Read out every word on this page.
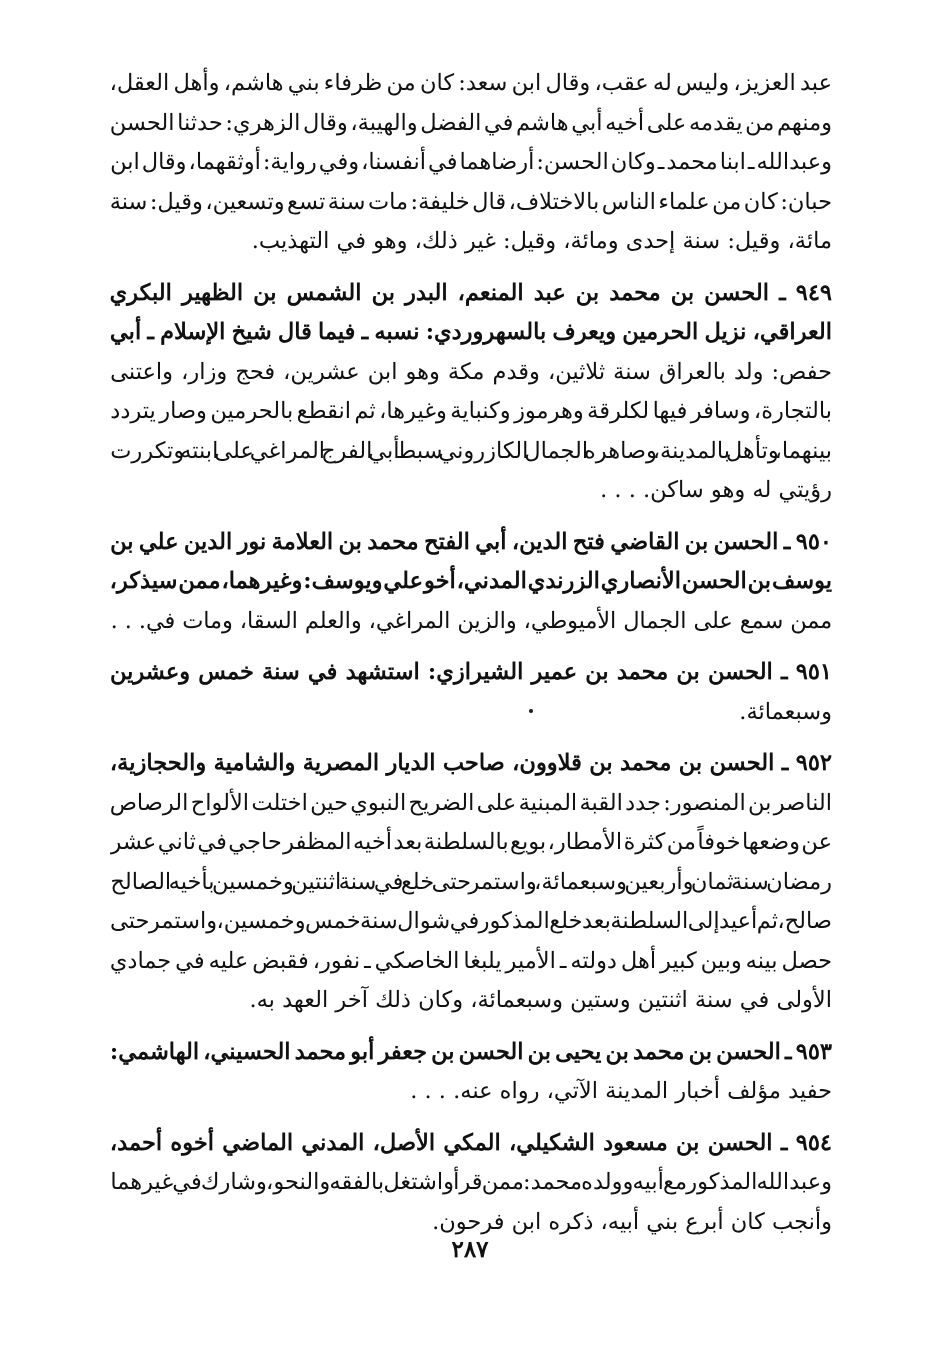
عبد العزيز، وليس له عقب، وقال ابن سعد: كان من ظرفاء بني هاشم، وأهل العقل،
ومنهم من يقدمه على أخيه أبي هاشم في الفضل والهيبة، وقال الزهري: حدثنا الحسن
وعبدالله ـ ابنا محمد ـ وكان الحسن: أرضاهما في أنفسنا، وفي رواية: أوثقهما، وقال ابن
حبان: كان من علماء الناس بالاختلاف، قال خليفة: مات سنة تسع وتسعين، وقيل: سنة
مائة، وقيل: سنة إحدى ومائة، وقيل: غير ذلك، وهو في التهذيب.
٩٤٩ ـ الحسن بن محمد بن عبد المنعم، البدر بن الشمس بن الظهير البكري
العراقي، نزيل الحرمين ويعرف بالسهروردي: نسبه ـ فيما قال شيخ الإسلام ـ أبي
حفص: ولد بالعراق سنة ثلاثين، وقدم مكة وهو ابن عشرين، فحج وزار، واعتنى
بالتجارة، وسافر فيها لكلرقة وهرموز وكنباية وغيرها، ثم انقطع بالحرمين وصار يتردد
بينهما، وتأهل بالمدينة، وصاهره الجمال الكازروني سبط أبي الفرج المراغي على ابنته وتكررت
رؤيتي له وهو ساكن. . . .
٩٥٠ ـ الحسن بن القاضي فتح الدين، أبي الفتح محمد بن العلامة نور الدين علي بن
يوسف بن الحسن الأنصاري الزرندي المدني، أخو علي ويوسف: وغيرهما، ممن سيذكر،
ممن سمع على الجمال الأميوطي، والزين المراغي، والعلم السقا، ومات في. . .
٩٥١ ـ الحسن بن محمد بن عمير الشيرازي: استشهد في سنة خمس وعشرين
وسبعمائة.
٩٥٢ ـ الحسن بن محمد بن قلاوون، صاحب الديار المصرية والشامية والحجازية،
الناصر بن المنصور: جدد القبة المبنية على الضريح النبوي حين اختلت الألواح الرصاص
عن وضعها خوفاً من كثرة الأمطار، بويع بالسلطنة بعد أخيه المظفر حاجي في ثاني عشر
رمضان سنة ثمان وأربعين وسبعمائة، واستمر حتى خلع في سنة اثنتين وخمسين بأخيه الصالح
صالح، ثم أعيد إلى السلطنة بعد خلع المذكور في شوال سنة خمس وخمسين، واستمر حتى
حصل بينه وبين كبير أهل دولته ـ الأمير يلبغا الخاصكي ـ نفور، فقبض عليه في جمادي
الأولى في سنة اثنتين وستين وسبعمائة، وكان ذلك آخر العهد به.
٩٥٣ ـ الحسن بن محمد بن يحيى بن الحسن بن جعفر أبو محمد الحسيني، الهاشمي:
حفيد مؤلف أخبار المدينة الآتي، رواه عنه. . . .
٩٥٤ ـ الحسن بن مسعود الشكيلي، المكي الأصل، المدني الماضي أخوه أحمد،
وعبدالله المذكور مع أبيه وولده محمد: ممن قرأ واشتغل بالفقه والنحو، وشارك في غيرهما
وأنجب كان أبرع بني أبيه، ذكره ابن فرحون.
٢٨٧
